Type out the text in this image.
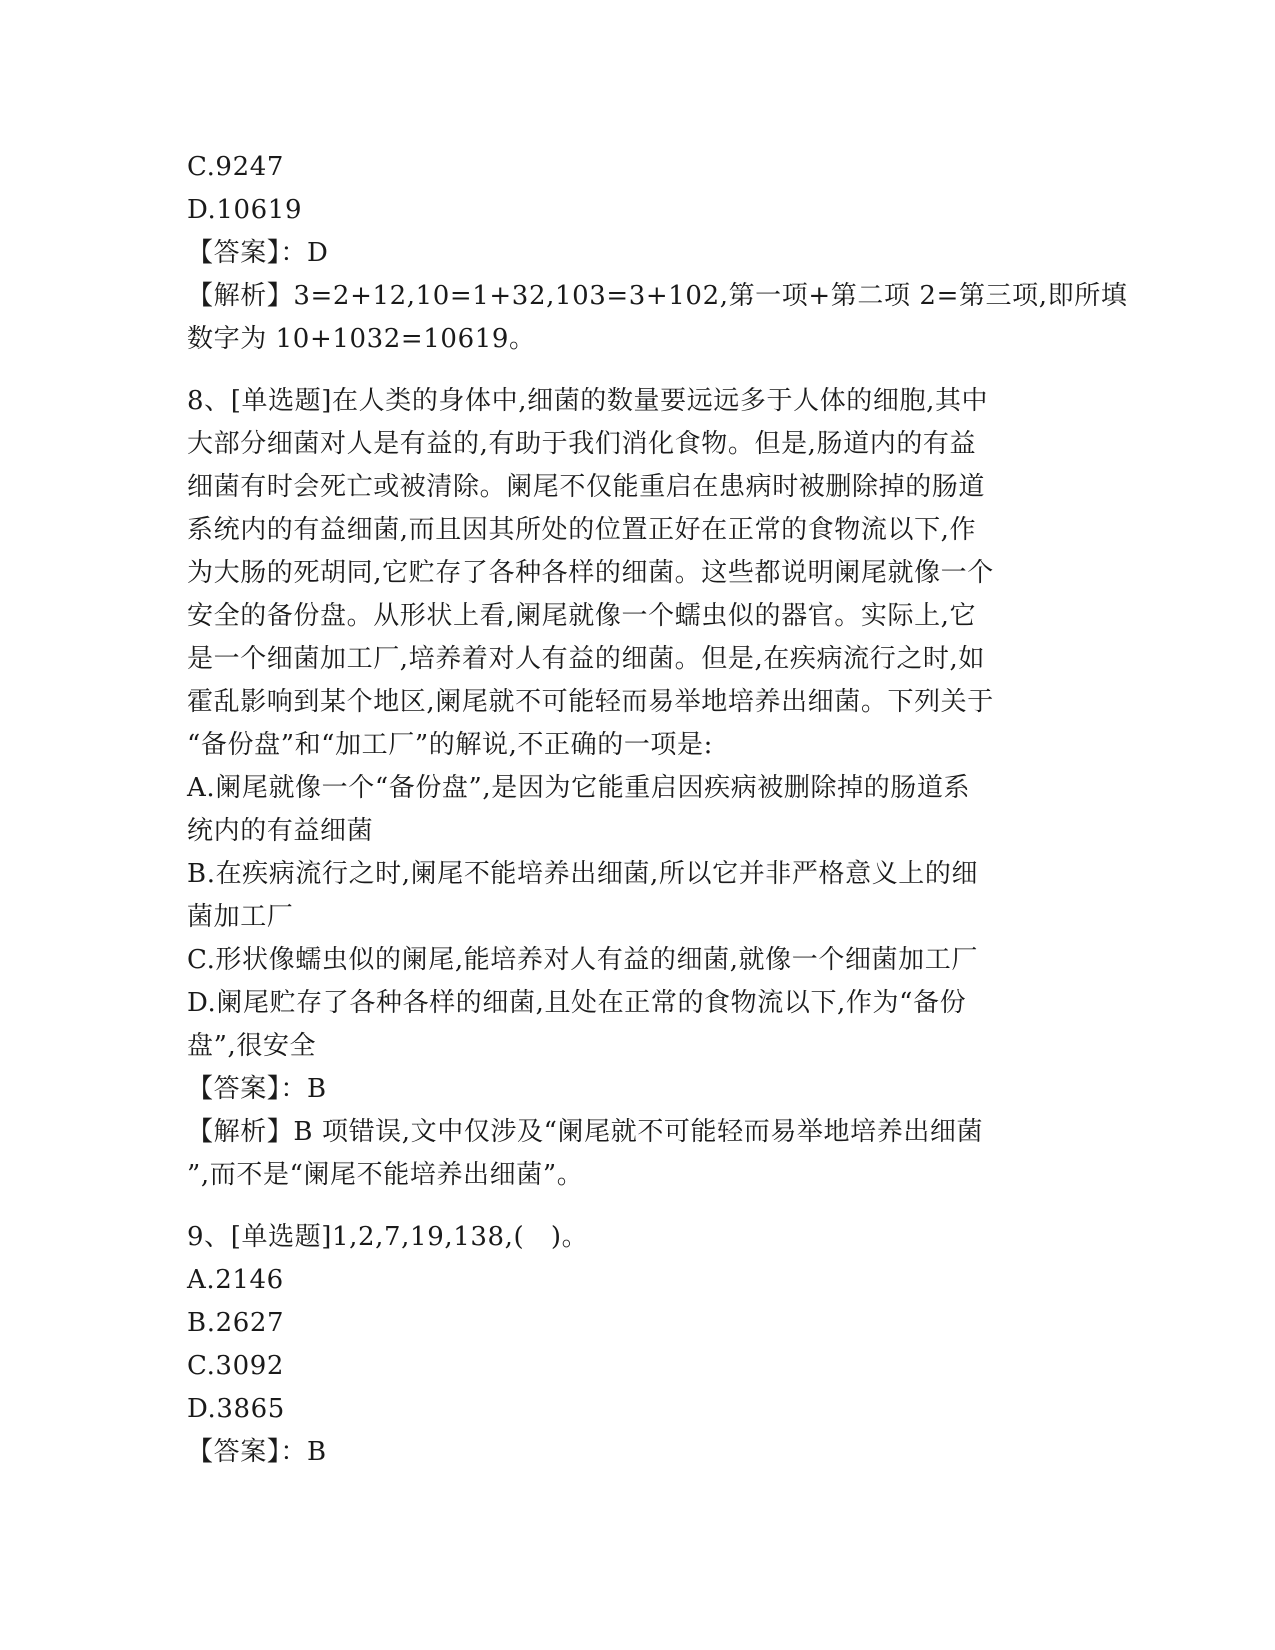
C.9247
D.10619
【答案】：D
【解析】3=2+12,10=1+32,103=3+102,第一项+第二项 2=第三项,即所填
数字为 10+1032=10619。
8、[单选题]在人类的身体中,细菌的数量要远远多于人体的细胞,其中
大部分细菌对人是有益的,有助于我们消化食物。但是,肠道内的有益
细菌有时会死亡或被清除。阑尾不仅能重启在患病时被删除掉的肠道
系统内的有益细菌,而且因其所处的位置正好在正常的食物流以下,作
为大肠的死胡同,它贮存了各种各样的细菌。这些都说明阑尾就像一个
安全的备份盘。从形状上看,阑尾就像一个蠕虫似的器官。实际上,它
是一个细菌加工厂,培养着对人有益的细菌。但是,在疾病流行之时,如
霍乱影响到某个地区,阑尾就不可能轻而易举地培养出细菌。下列关于
“备份盘”和“加工厂”的解说,不正确的一项是:
A.阑尾就像一个“备份盘”,是因为它能重启因疾病被删除掉的肠道系
统内的有益细菌
B.在疾病流行之时,阑尾不能培养出细菌,所以它并非严格意义上的细
菌加工厂
C.形状像蠕虫似的阑尾,能培养对人有益的细菌,就像一个细菌加工厂
D.阑尾贮存了各种各样的细菌,且处在正常的食物流以下,作为“备份
盘”,很安全
【答案】：B
【解析】B 项错误,文中仅涉及“阑尾就不可能轻而易举地培养出细菌
”,而不是“阑尾不能培养出细菌”。
9、[单选题]1,2,7,19,138,(   )。
A.2146
B.2627
C.3092
D.3865
【答案】：B
